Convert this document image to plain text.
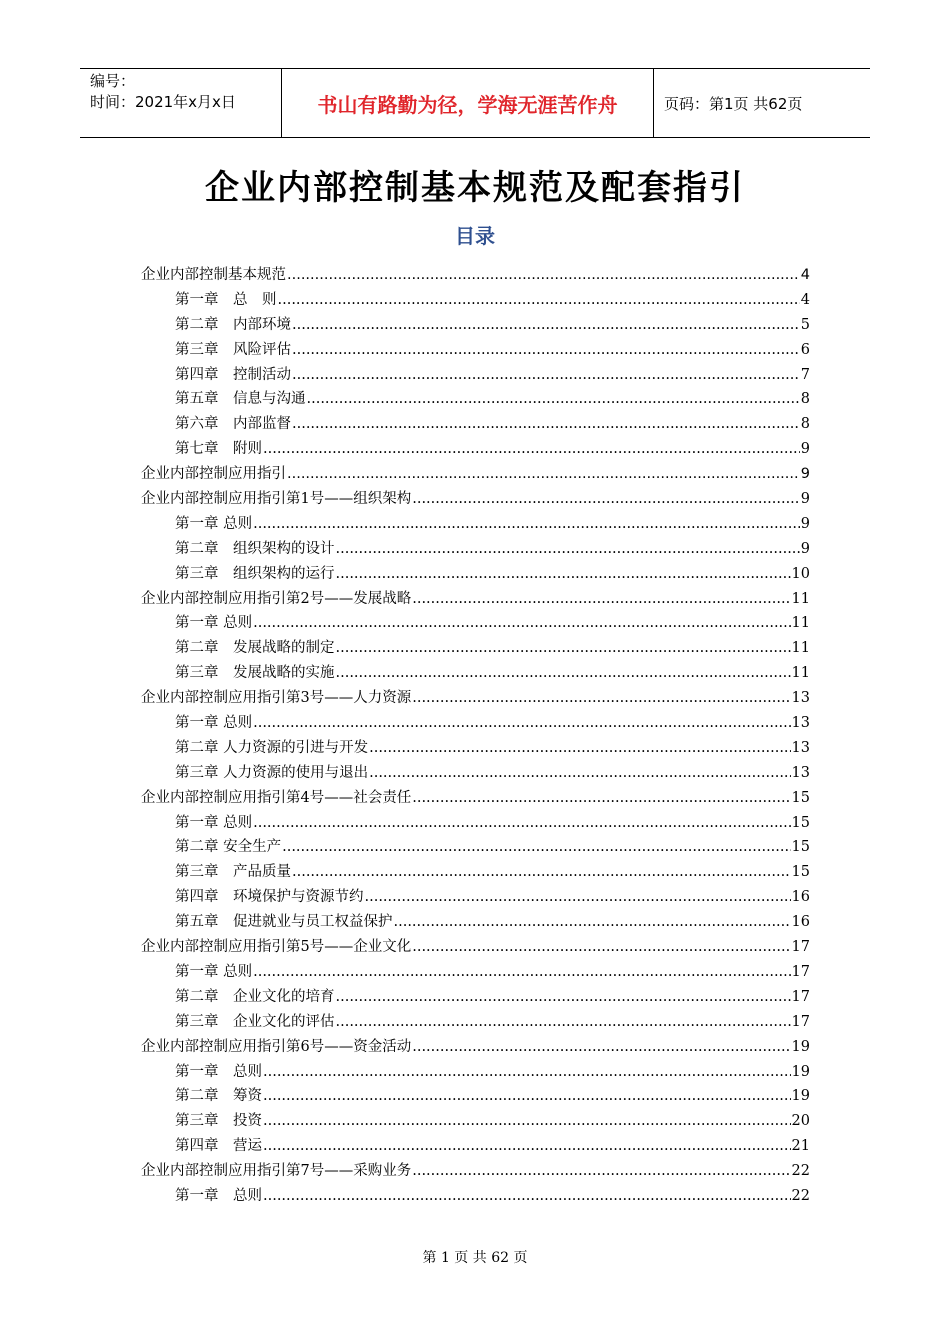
编号：
时间：2021年x月x日	书山有路勤为径，学海无涯苦作舟	页码：第1页 共62页
企业内部控制基本规范及配套指引
目录
企业内部控制基本规范 .....	4
第一章　总　则 .....	4
第二章　内部环境 .....	5
第三章　风险评估 .....	6
第四章　控制活动 .....	7
第五章　信息与沟通 .....	8
第六章　内部监督 .....	8
第七章　附则 .....	9
企业内部控制应用指引 .....	9
企业内部控制应用指引第1号——组织架构 .....	9
第一章 总则 .....	9
第二章　组织架构的设计 .....	9
第三章　组织架构的运行 .....	10
企业内部控制应用指引第2号——发展战略 .....	11
第一章 总则 .....	11
第二章　发展战略的制定 .....	11
第三章　发展战略的实施 .....	11
企业内部控制应用指引第3号——人力资源 .....	13
第一章 总则 .....	13
第二章 人力资源的引进与开发 .....	13
第三章 人力资源的使用与退出 .....	13
企业内部控制应用指引第4号——社会责任 .....	15
第一章 总则 .....	15
第二章 安全生产 .....	15
第三章　产品质量 .....	15
第四章　环境保护与资源节约 .....	16
第五章　促进就业与员工权益保护 .....	16
企业内部控制应用指引第5号——企业文化 .....	17
第一章 总则 .....	17
第二章　企业文化的培育 .....	17
第三章　企业文化的评估 .....	17
企业内部控制应用指引第6号——资金活动 .....	19
第一章　总则 .....	19
第二章　筹资 .....	19
第三章　投资 .....	20
第四章　营运 .....	21
企业内部控制应用指引第7号——采购业务 .....	22
第一章　总则 .....	22
第 1 页 共 62 页
